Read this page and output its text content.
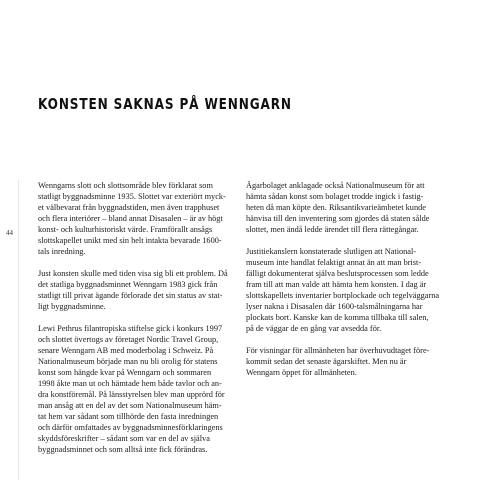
44
KONSTEN SAKNAS PÅ WENNGARN

Wenngarns slott och slottsområde blev förklarat som
statligt byggnadsminne 1935. Slottet var exteriört myck-
et välbevarat från byggnadstiden, men även trapphuset
och flera interiörer – bland annat Disasalen – är av högt
konst- och kulturhistoriskt värde. Framförallt ansågs
slottskapellet unikt med sin helt intakta bevarade 1600-
tals inredning.

Just konsten skulle med tiden visa sig bli ett problem. Då
det statliga byggnadsminnet Wenngarn 1983 gick från
statligt till privat ägande förlorade det sin status av stat-
ligt byggnadsminne.

Lewi Pethrus filantropiska stiftelse gick i konkurs 1997
och slottet övertogs av företaget Nordic Travel Group,
senare Wenngarn AB med moderbolag i Schweiz. På
Nationalmuseum började man nu bli orolig för statens
konst som hängde kvar på Wenngarn och sommaren
1998 åkte man ut och hämtade hem både tavlor och an-
dra konstföremål. På länsstyrelsen blev man upprörd för
man ansåg att en del av det som Nationalmuseum häm-
tat hem var sådant som tillhörde den fasta inredningen
och därför omfattades av byggnadsminnesförklaringens
skyddsföreskrifter – sådant som var en del av själva
byggnadsminnet och som alltså inte fick förändras.

Ägarbolaget anklagade också Nationalmuseum för att
hämta sådan konst som bolaget trodde ingick i fastig-
heten då man köpte den. Riksantikvarieämbetet kunde
hänvisa till den inventering som gjordes då staten sålde
slottet, men ändå ledde ärendet till flera rättegångar.

Justitiekanslern konstaterade slutligen att National-
museum inte handlat felaktigt annat än att man brist-
fälligt dokumenterat själva beslutsprocessen som ledde
fram till att man valde att hämta hem konsten. I dag är
slottskapellets inventarier bortplockade och tegelväggarna
lyser nakna i Disasalen där 1600-talsmålningarna har
plockats bort. Kanske kan de komma tillbaka till salen,
på de väggar de en gång var avsedda för.

För visningar för allmänheten har överhuvudtaget före-
kommit sedan det senaste ägarskiftet. Men nu är
Wenngarn öppet för allmänheten.
